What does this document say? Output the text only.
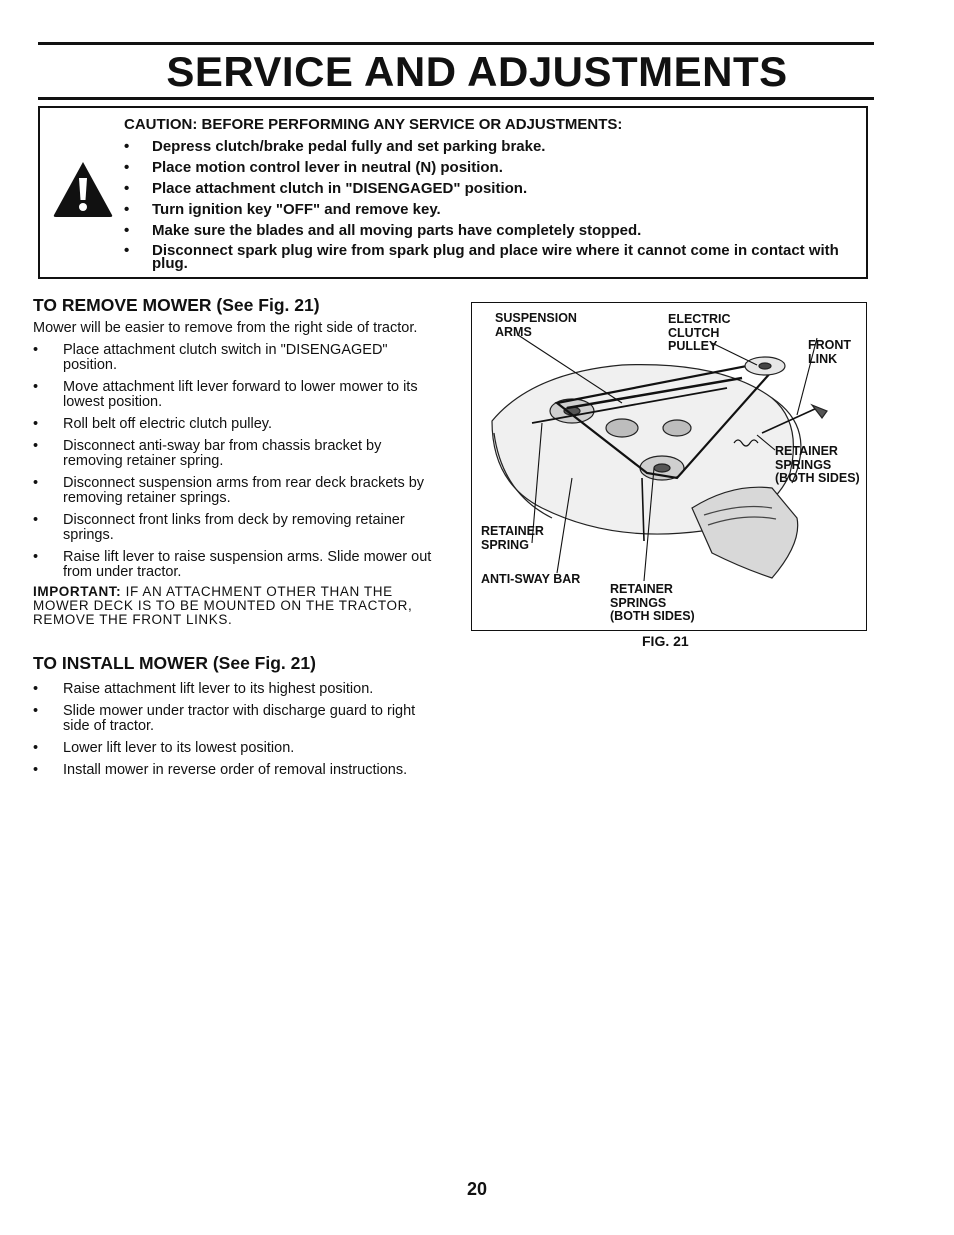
SERVICE AND ADJUSTMENTS

CAUTION: BEFORE PERFORMING ANY SERVICE OR ADJUSTMENTS:

• Depress clutch/brake pedal fully and set parking brake.
• Place motion control lever in neutral (N) position.
• Place attachment clutch in "DISENGAGED" position.
• Turn ignition key "OFF" and remove key.
• Make sure the blades and all moving parts have completely stopped.
• Disconnect spark plug wire from spark plug and place wire where it cannot come in contact with plug.
TO REMOVE MOWER (See Fig. 21)

Mower will be easier to remove from the right side of tractor.

• Place attachment clutch switch in "DISENGAGED" position.
• Move attachment lift lever forward to lower mower to its lowest position.
• Roll belt off electric clutch pulley.
• Disconnect anti-sway bar from chassis bracket by removing retainer spring.
• Disconnect suspension arms from rear deck brackets by removing retainer springs.
• Disconnect front links from deck by removing retainer springs.
• Raise lift lever to raise suspension arms. Slide mower out from under tractor.

IMPORTANT: IF AN ATTACHMENT OTHER THAN THE MOWER DECK IS TO BE MOUNTED ON THE TRACTOR, REMOVE THE FRONT LINKS.

TO INSTALL MOWER (See Fig. 21)
• Raise attachment lift lever to its highest position.
• Slide mower under tractor with discharge guard to right side of tractor.
• Lower lift lever to its lowest position.
• Install mower in reverse order of removal instructions.
SUSPENSION
ARMS
ELECTRIC
CLUTCH
PULLEY	FRONT
LINK
RETAINER
SPRINGS
(BOTH SIDES)
RETAINER
SPRING
ANTI-SWAY BAR
RETAINER
SPRINGS
(BOTH SIDES)
FIG. 21
20
